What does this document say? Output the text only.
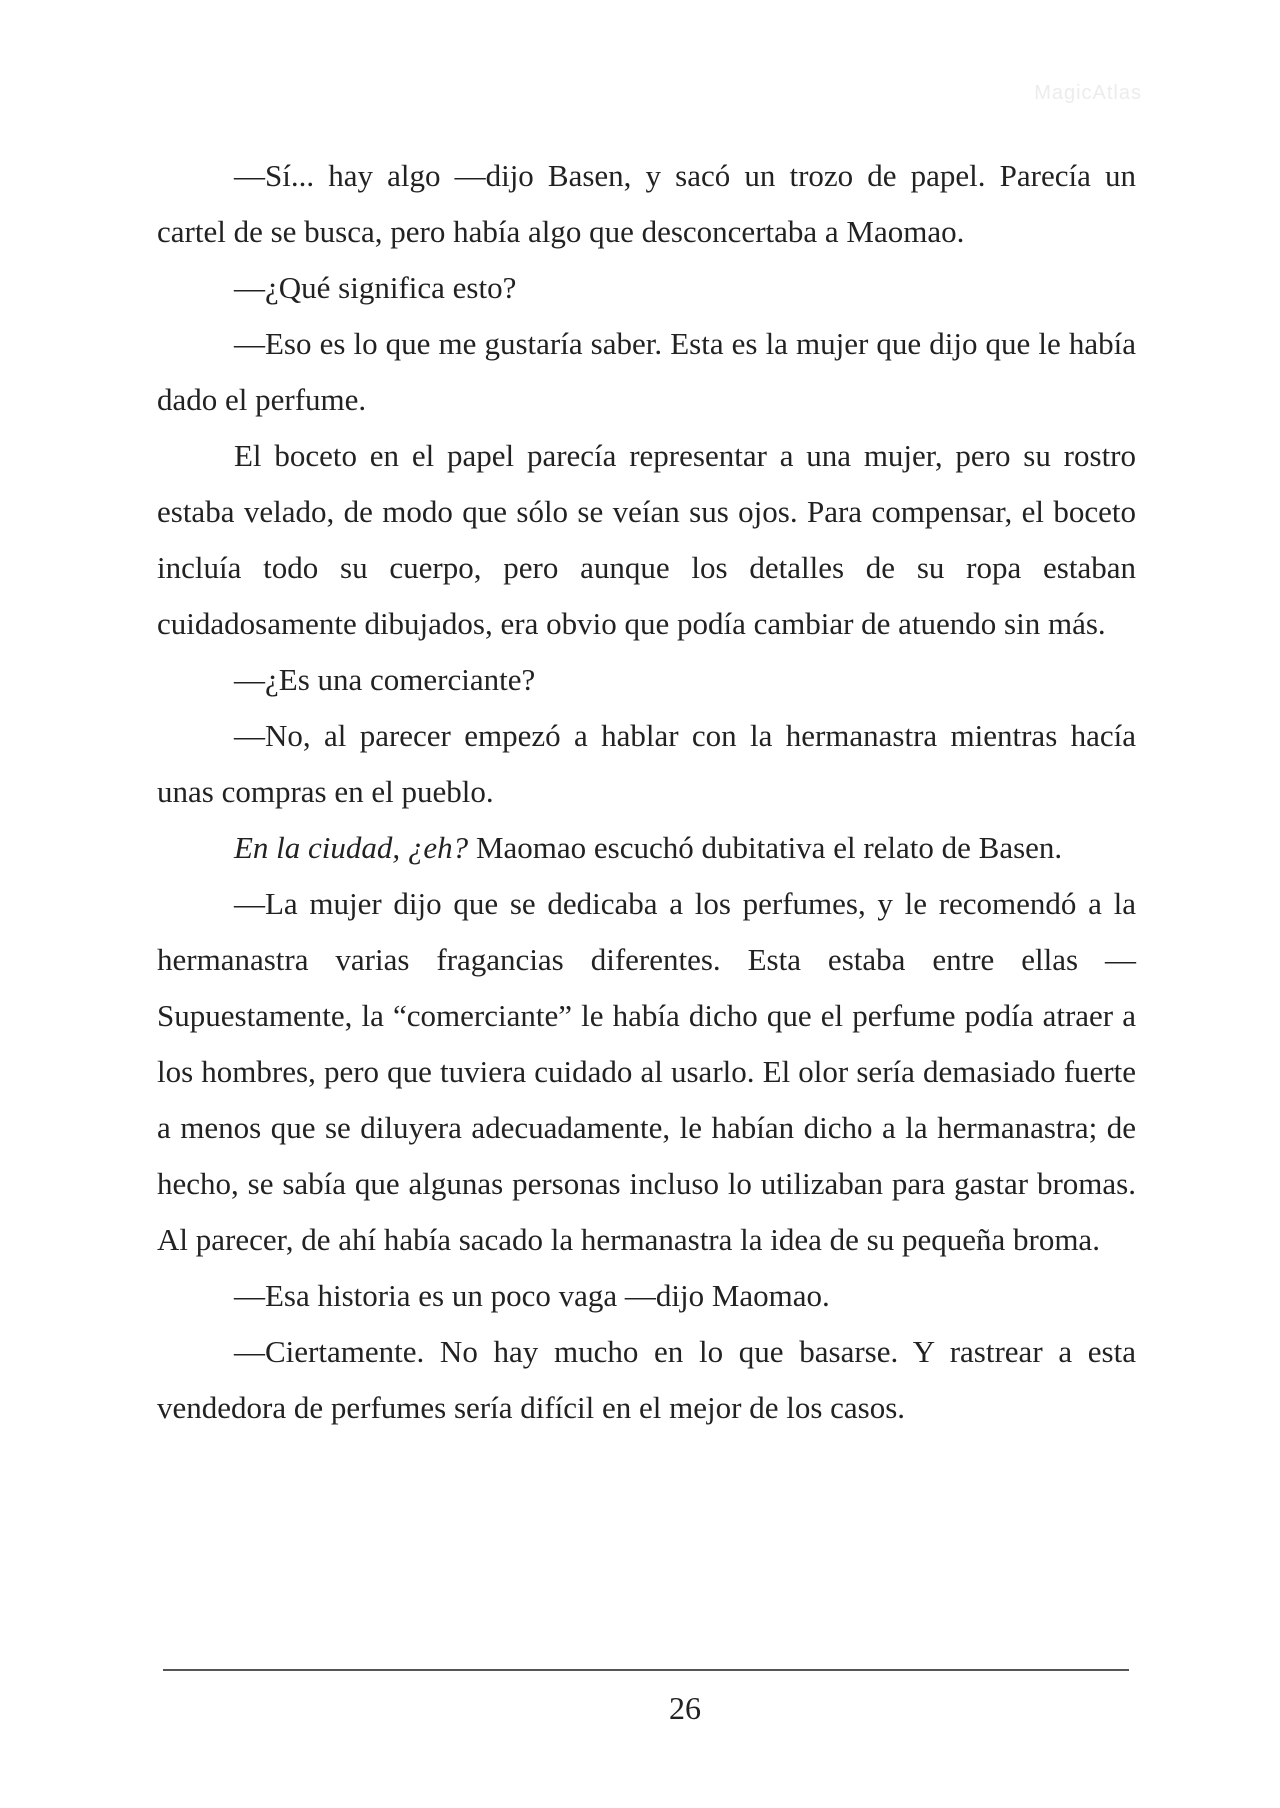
MagicAtlas

—Sí... hay algo —dijo Basen, y sacó un trozo de papel. Parecía un cartel de se busca, pero había algo que desconcertaba a Maomao.

—¿Qué significa esto?

—Eso es lo que me gustaría saber. Esta es la mujer que dijo que le había dado el perfume.

El boceto en el papel parecía representar a una mujer, pero su rostro estaba velado, de modo que sólo se veían sus ojos. Para compensar, el boceto incluía todo su cuerpo, pero aunque los detalles de su ropa estaban cuidadosamente dibujados, era obvio que podía cambiar de atuendo sin más.

—¿Es una comerciante?

—No, al parecer empezó a hablar con la hermanastra mientras hacía unas compras en el pueblo.

En la ciudad, ¿eh? Maomao escuchó dubitativa el relato de Basen.

—La mujer dijo que se dedicaba a los perfumes, y le recomendó a la hermanastra varias fragancias diferentes. Esta estaba entre ellas —Supuestamente, la “comerciante” le había dicho que el perfume podía atraer a los hombres, pero que tuviera cuidado al usarlo. El olor sería demasiado fuerte a menos que se diluyera adecuadamente, le habían dicho a la hermanastra; de hecho, se sabía que algunas personas incluso lo utilizaban para gastar bromas. Al parecer, de ahí había sacado la hermanastra la idea de su pequeña broma.

—Esa historia es un poco vaga —dijo Maomao.

—Ciertamente. No hay mucho en lo que basarse. Y rastrear a esta vendedora de perfumes sería difícil en el mejor de los casos.

26
